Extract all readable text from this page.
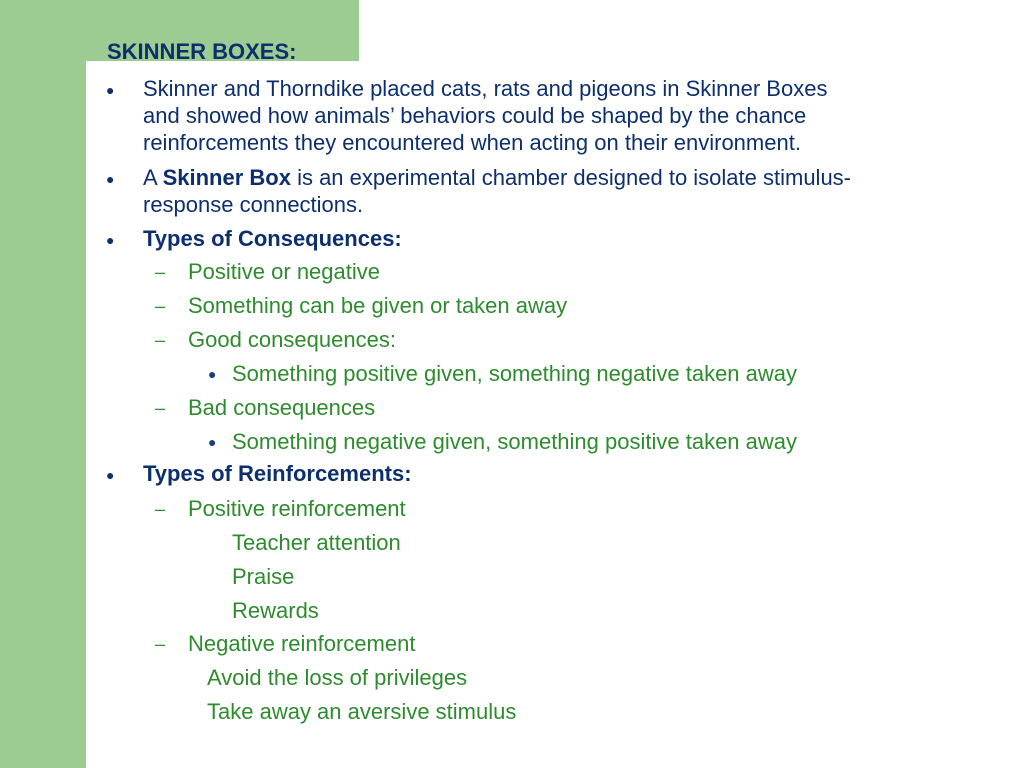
SKINNER BOXES:
● Skinner and Thorndike placed cats, rats and pigeons in Skinner Boxes
and showed how animals’ behaviors could be shaped by the chance
reinforcements they encountered when acting on their environment.
● A Skinner Box is an experimental chamber designed to isolate stimulus-
response connections.
● Types of Consequences:
– Positive or negative
– Something can be given or taken away
– Good consequences:
● Something positive given, something negative taken away
– Bad consequences
● Something negative given, something positive taken away
● Types of Reinforcements:
– Positive reinforcement
Teacher attention
Praise
Rewards
– Negative reinforcement
Avoid the loss of privileges
Take away an aversive stimulus
